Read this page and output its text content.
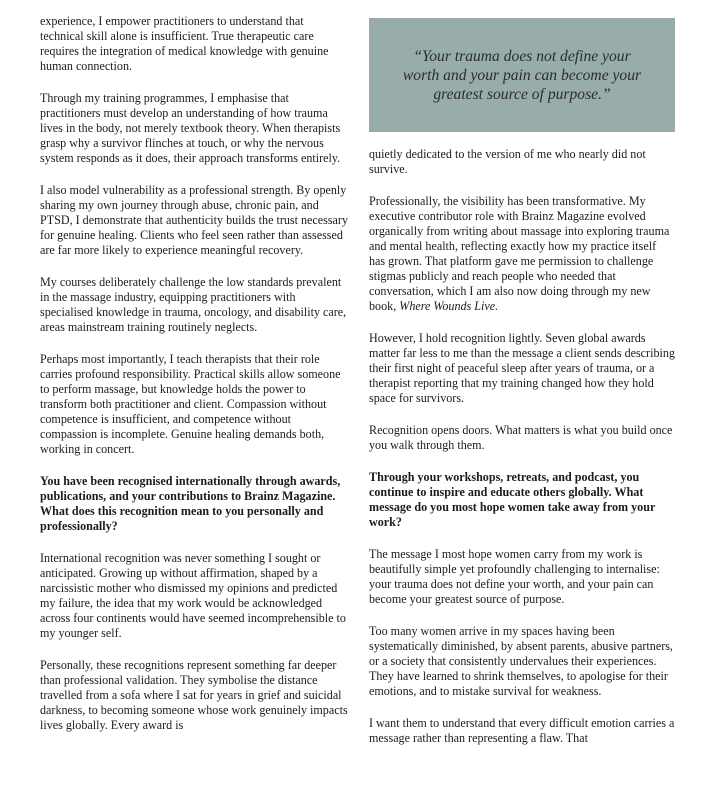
experience, I empower practitioners to understand that technical skill alone is insufficient. True therapeutic care requires the integration of medical knowledge with genuine human connection.

Through my training programmes, I emphasise that practitioners must develop an understanding of how trauma lives in the body, not merely textbook theory. When therapists grasp why a survivor flinches at touch, or why the nervous system responds as it does, their approach transforms entirely.

I also model vulnerability as a professional strength. By openly sharing my own journey through abuse, chronic pain, and PTSD, I demonstrate that authenticity builds the trust necessary for genuine healing. Clients who feel seen rather than assessed are far more likely to experience meaningful recovery.

My courses deliberately challenge the low standards prevalent in the massage industry, equipping practitioners with specialised knowledge in trauma, oncology, and disability care, areas mainstream training routinely neglects.

Perhaps most importantly, I teach therapists that their role carries profound responsibility. Practical skills allow someone to perform massage, but knowledge holds the power to transform both practitioner and client. Compassion without competence is insufficient, and competence without compassion is incomplete. Genuine healing demands both, working in concert.

You have been recognised internationally through awards, publications, and your contributions to Brainz Magazine. What does this recognition mean to you personally and professionally?

International recognition was never something I sought or anticipated. Growing up without affirmation, shaped by a narcissistic mother who dismissed my opinions and predicted my failure, the idea that my work would be acknowledged across four continents would have seemed incomprehensible to my younger self.

Personally, these recognitions represent something far deeper than professional validation. They symbolise the distance travelled from a sofa where I sat for years in grief and suicidal darkness, to becoming someone whose work genuinely impacts lives globally. Every award is

“Your trauma does not define your worth and your pain can become your greatest source of purpose.”

quietly dedicated to the version of me who nearly did not survive.

Professionally, the visibility has been transformative. My executive contributor role with Brainz Magazine evolved organically from writing about massage into exploring trauma and mental health, reflecting exactly how my practice itself has grown. That platform gave me permission to challenge stigmas publicly and reach people who needed that conversation, which I am also now doing through my new book, Where Wounds Live.

However, I hold recognition lightly. Seven global awards matter far less to me than the message a client sends describing their first night of peaceful sleep after years of trauma, or a therapist reporting that my training changed how they hold space for survivors.

Recognition opens doors. What matters is what you build once you walk through them.

Through your workshops, retreats, and podcast, you continue to inspire and educate others globally. What message do you most hope women take away from your work?

The message I most hope women carry from my work is beautifully simple yet profoundly challenging to internalise: your trauma does not define your worth, and your pain can become your greatest source of purpose.

Too many women arrive in my spaces having been systematically diminished, by absent parents, abusive partners, or a society that consistently undervalues their experiences. They have learned to shrink themselves, to apologise for their emotions, and to mistake survival for weakness.

I want them to understand that every difficult emotion carries a message rather than representing a flaw. That
